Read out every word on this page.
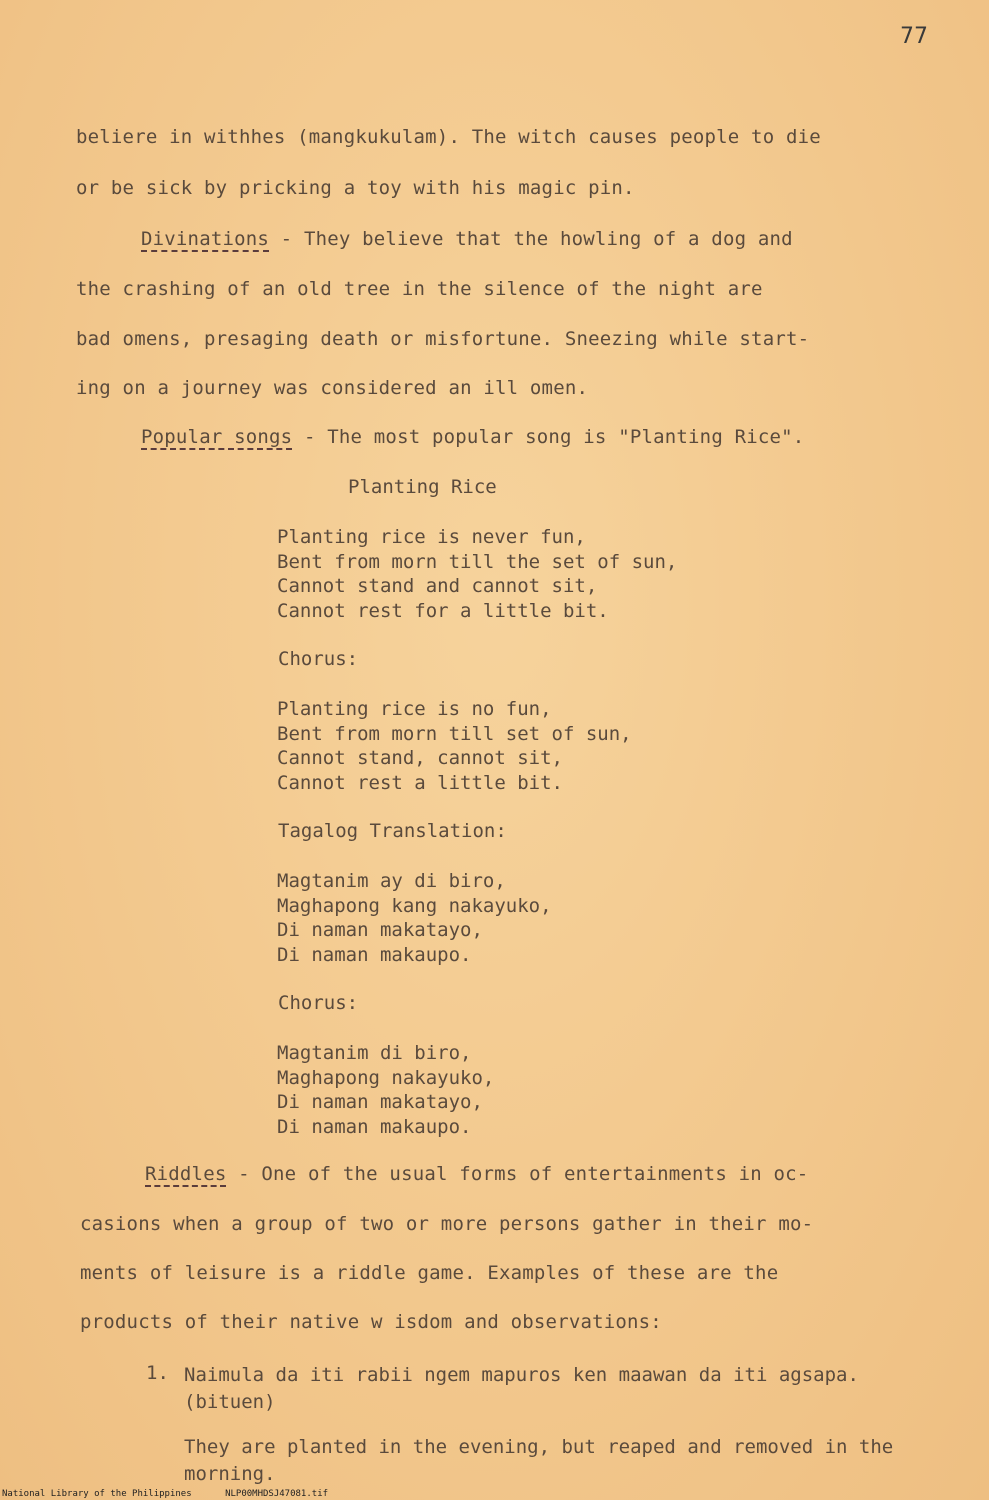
77
beliere in withhes (mangkukulam). The witch causes people to die
or be sick by pricking a toy with his magic pin.
Divinations - They believe that the howling of a dog and
the crashing of an old tree in the silence of the night are
bad omens, presaging death or misfortune. Sneezing while start-
ing on a journey was considered an ill omen.
Popular songs - The most popular song is "Planting Rice".
Planting Rice
Planting rice is never fun,
Bent from morn till the set of sun,
Cannot stand and cannot sit,
Cannot rest for a little bit.
Chorus:
Planting rice is no fun,
Bent from morn till set of sun,
Cannot stand, cannot sit,
Cannot rest a little bit.
Tagalog Translation:
Magtanim ay di biro,
Maghapong kang nakayuko,
Di naman makatayo,
Di naman makaupo.
Chorus:
Magtanim di biro,
Maghapong nakayuko,
Di naman makatayo,
Di naman makaupo.
Riddles - One of the usual forms of entertainments in oc-
casions when a group of two or more persons gather in their mo-
ments of leisure is a riddle game. Examples of these are the
products of their native w isdom and observations:
1. Naimula da iti rabii ngem mapuros ken maawan da iti agsapa. (bituen)
They are planted in the evening, but reaped and removed in the morning.
National Library of the Philippines	NLP00MHDSJ47081.tif
